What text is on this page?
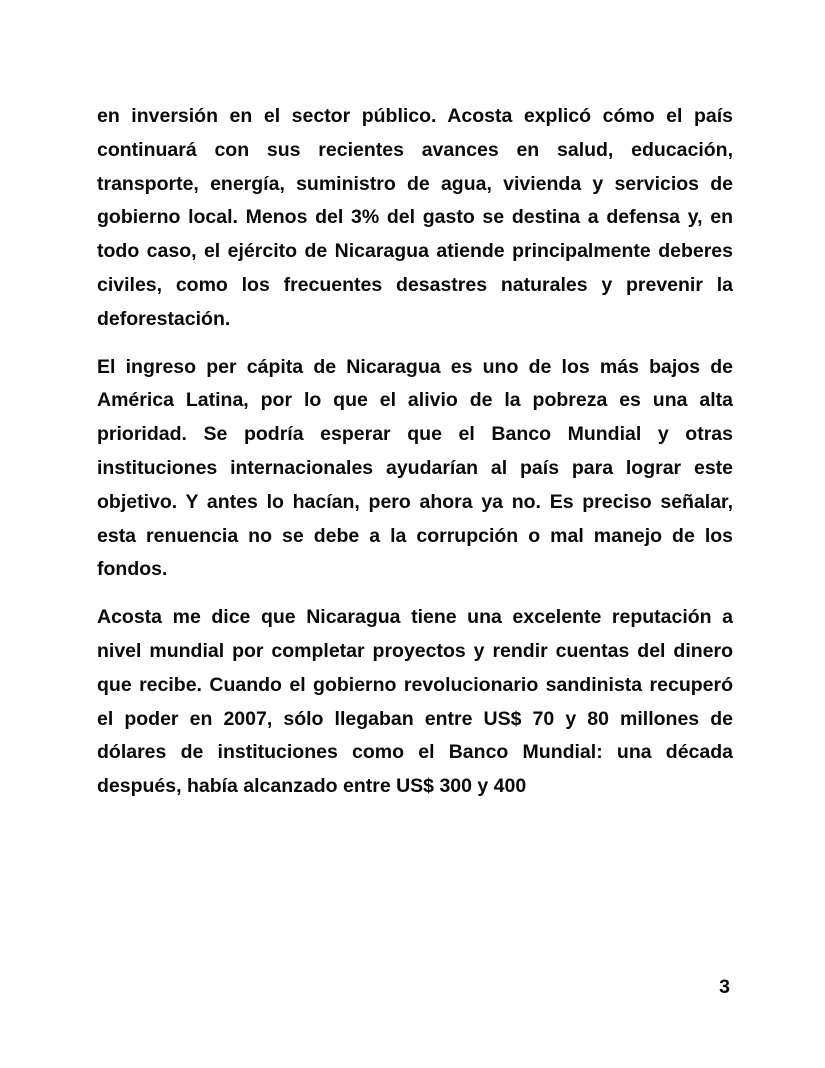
en inversión en el sector público. Acosta explicó cómo el país continuará con sus recientes avances en salud, educación, transporte, energía, suministro de agua, vivienda y servicios de gobierno local. Menos del 3% del gasto se destina a defensa y, en todo caso, el ejército de Nicaragua atiende principalmente deberes civiles, como los frecuentes desastres naturales y prevenir la deforestación.

El ingreso per cápita de Nicaragua es uno de los más bajos de América Latina, por lo que el alivio de la pobreza es una alta prioridad. Se podría esperar que el Banco Mundial y otras instituciones internacionales ayudarían al país para lograr este objetivo. Y antes lo hacían, pero ahora ya no. Es preciso señalar, esta renuencia no se debe a la corrupción o mal manejo de los fondos.

Acosta me dice que Nicaragua tiene una excelente reputación a nivel mundial por completar proyectos y rendir cuentas del dinero que recibe. Cuando el gobierno revolucionario sandinista recuperó el poder en 2007, sólo llegaban entre US$ 70 y 80 millones de dólares de instituciones como el Banco Mundial: una década después, había alcanzado entre US$ 300 y 400

3
